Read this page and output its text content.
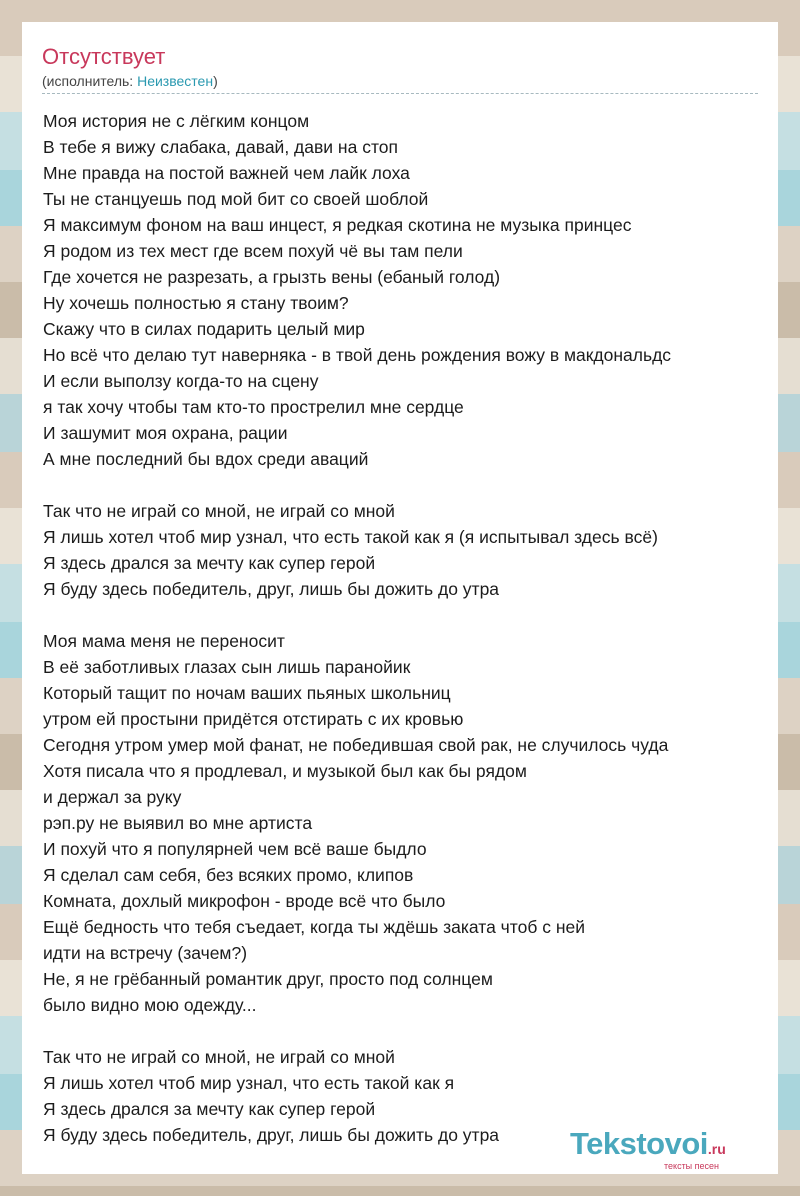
Отсутствует
(исполнитель: Неизвестен)
Моя история не с лёгким концом
В тебе я вижу слабака, давай, дави на стоп
Мне правда на постой важней чем лайк лоха
Ты не станцуешь под мой бит со своей шоблой
Я максимум фоном на ваш инцест, я редкая скотина не музыка принцес
Я родом из тех мест где всем похуй чё вы там пели
Где хочется не разрезать, а грызть вены (ебаный голод)
Ну хочешь полностью я стану твоим?
Скажу что в силах подарить целый мир
Но всё что делаю тут наверняка - в твой день рождения вожу в макдональдс
И если выползу когда-то на сцену
я так хочу чтобы там кто-то прострелил мне сердце
И зашумит моя охрана, рации
А мне последний бы вдох среди аваций
Так что не играй со мной, не играй со мной
Я лишь хотел чтоб мир узнал, что есть такой как я (я испытывал здесь всё)
Я здесь дрался за мечту как супер герой
Я буду здесь победитель, друг, лишь бы дожить до утра
Моя мама меня не переносит
В её заботливых глазах сын лишь паранойик
Который тащит по ночам ваших пьяных школьниц
утром ей простыни придётся отстирать с их кровью
Сегодня утром умер мой фанат, не победившая свой рак, не случилось чуда
Хотя писала что я продлевал, и музыкой был как бы рядом
и держал за руку
рэп.ру не выявил во мне артиста
И похуй что я популярней чем всё ваше быдло
Я сделал сам себя, без всяких промо, клипов
Комната, дохлый микрофон - вроде всё что было
Ещё бедность что тебя съедает, когда ты ждёшь заката чтоб с ней
идти на встречу (зачем?)
Не, я не грёбанный романтик друг, просто под солнцем
было видно мою одежду...
Так что не играй со мной, не играй со мной
Я лишь хотел чтоб мир узнал, что есть такой как я
Я здесь дрался за мечту как супер герой
Я буду здесь победитель, друг, лишь бы дожить до утра	Tekstovoi.ru
тексты песен
